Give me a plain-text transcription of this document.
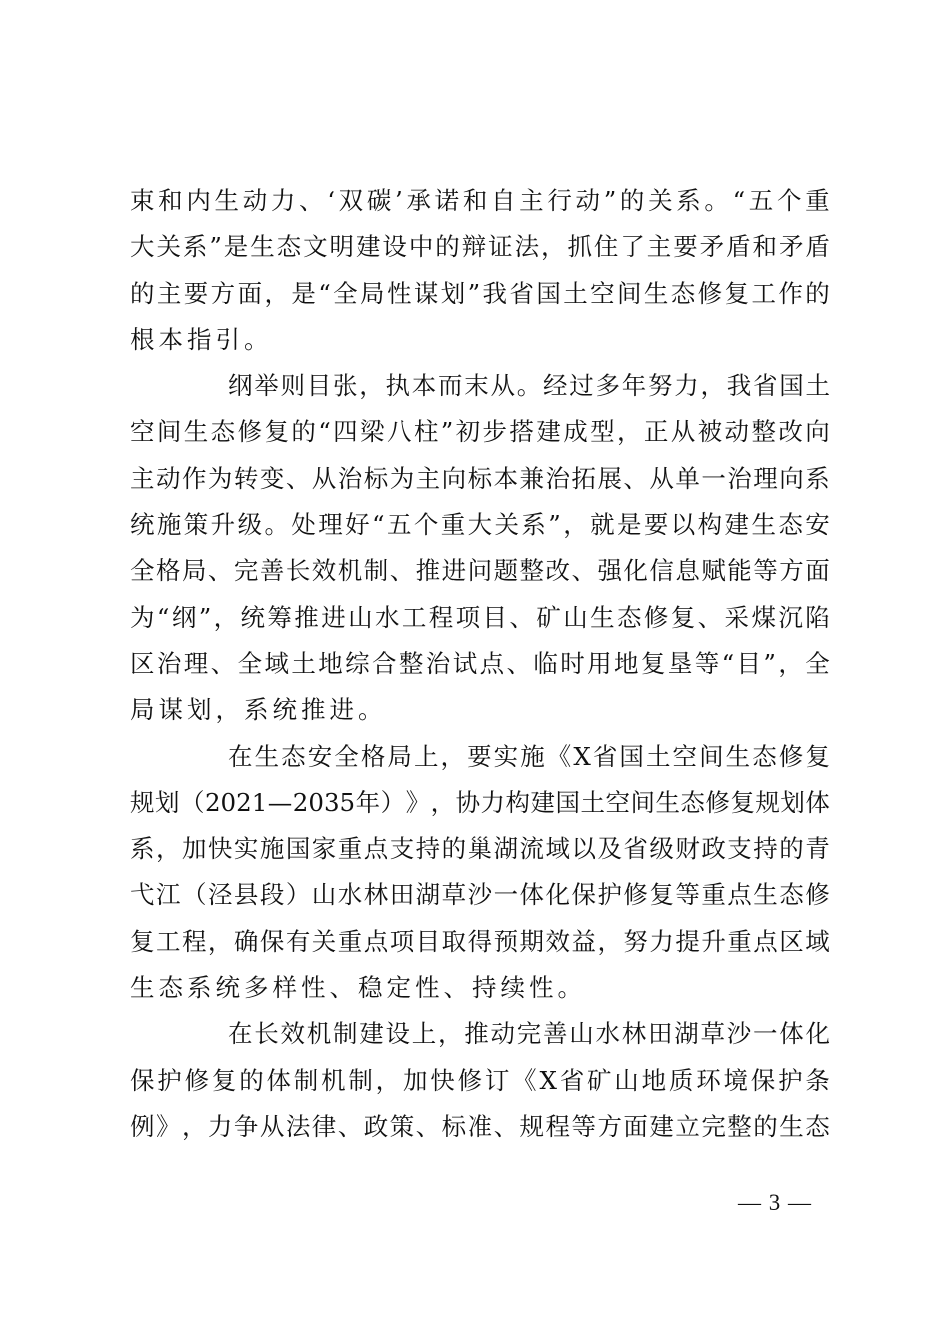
束 和 内 生 动 力 、 ‘ 双 碳 ’ 承 诺 和 自 主 行 动 ” 的 关 系 。 “ 五 个 重
大 关 系 ” 是 生 态 文 明 建 设 中 的 辩 证 法 ， 抓 住 了 主 要 矛 盾 和 矛 盾
的 主 要 方 面 ， 是 “ 全 局 性 谋 划 ” 我 省 国 土 空 间 生 态 修 复 工 作 的
根 本 指 引 。
纲 举 则 目 张 ， 执 本 而 末 从 。 经 过 多 年 努 力 ， 我 省 国 土
空 间 生 态 修 复 的 “ 四 梁 八 柱 ” 初 步 搭 建 成 型 ， 正 从 被 动 整 改 向
主 动 作 为 转 变 、 从 治 标 为 主 向 标 本 兼 治 拓 展 、 从 单 一 治 理 向 系
统 施 策 升 级 。 处 理 好 “ 五 个 重 大 关 系 ” ， 就 是 要 以 构 建 生 态 安
全 格 局 、 完 善 长 效 机 制 、 推 进 问 题 整 改 、 强 化 信 息 赋 能 等 方 面
为 “ 纲 ” ， 统 筹 推 进 山 水 工 程 项 目 、 矿 山 生 态 修 复 、 采 煤 沉 陷
区 治 理 、 全 域 土 地 综 合 整 治 试 点 、 临 时 用 地 复 垦 等 “ 目 ” ， 全
局 谋 划 ， 系 统 推 进 。
在 生 态 安 全 格 局 上 ， 要 实 施 《 X 省 国 土 空 间 生 态 修 复
规 划 （ 2021 — 2035 年 ） 》 ， 协 力 构 建 国 土 空 间 生 态 修 复 规 划 体
系 ， 加 快 实 施 国 家 重 点 支 持 的 巢 湖 流 域 以 及 省 级 财 政 支 持 的 青
弋 江 （ 泾 县 段 ） 山 水 林 田 湖 草 沙 一 体 化 保 护 修 复 等 重 点 生 态 修
复 工 程 ， 确 保 有 关 重 点 项 目 取 得 预 期 效 益 ， 努 力 提 升 重 点 区 域
生 态 系 统 多 样 性 、 稳 定 性 、 持 续 性 。
在 长 效 机 制 建 设 上 ， 推 动 完 善 山 水 林 田 湖 草 沙 一 体 化
保 护 修 复 的 体 制 机 制 ， 加 快 修 订 《 X 省 矿 山 地 质 环 境 保 护 条
例 》 ， 力 争 从 法 律 、 政 策 、 标 准 、 规 程 等 方 面 建 立 完 整 的 生 态
— 3 —
